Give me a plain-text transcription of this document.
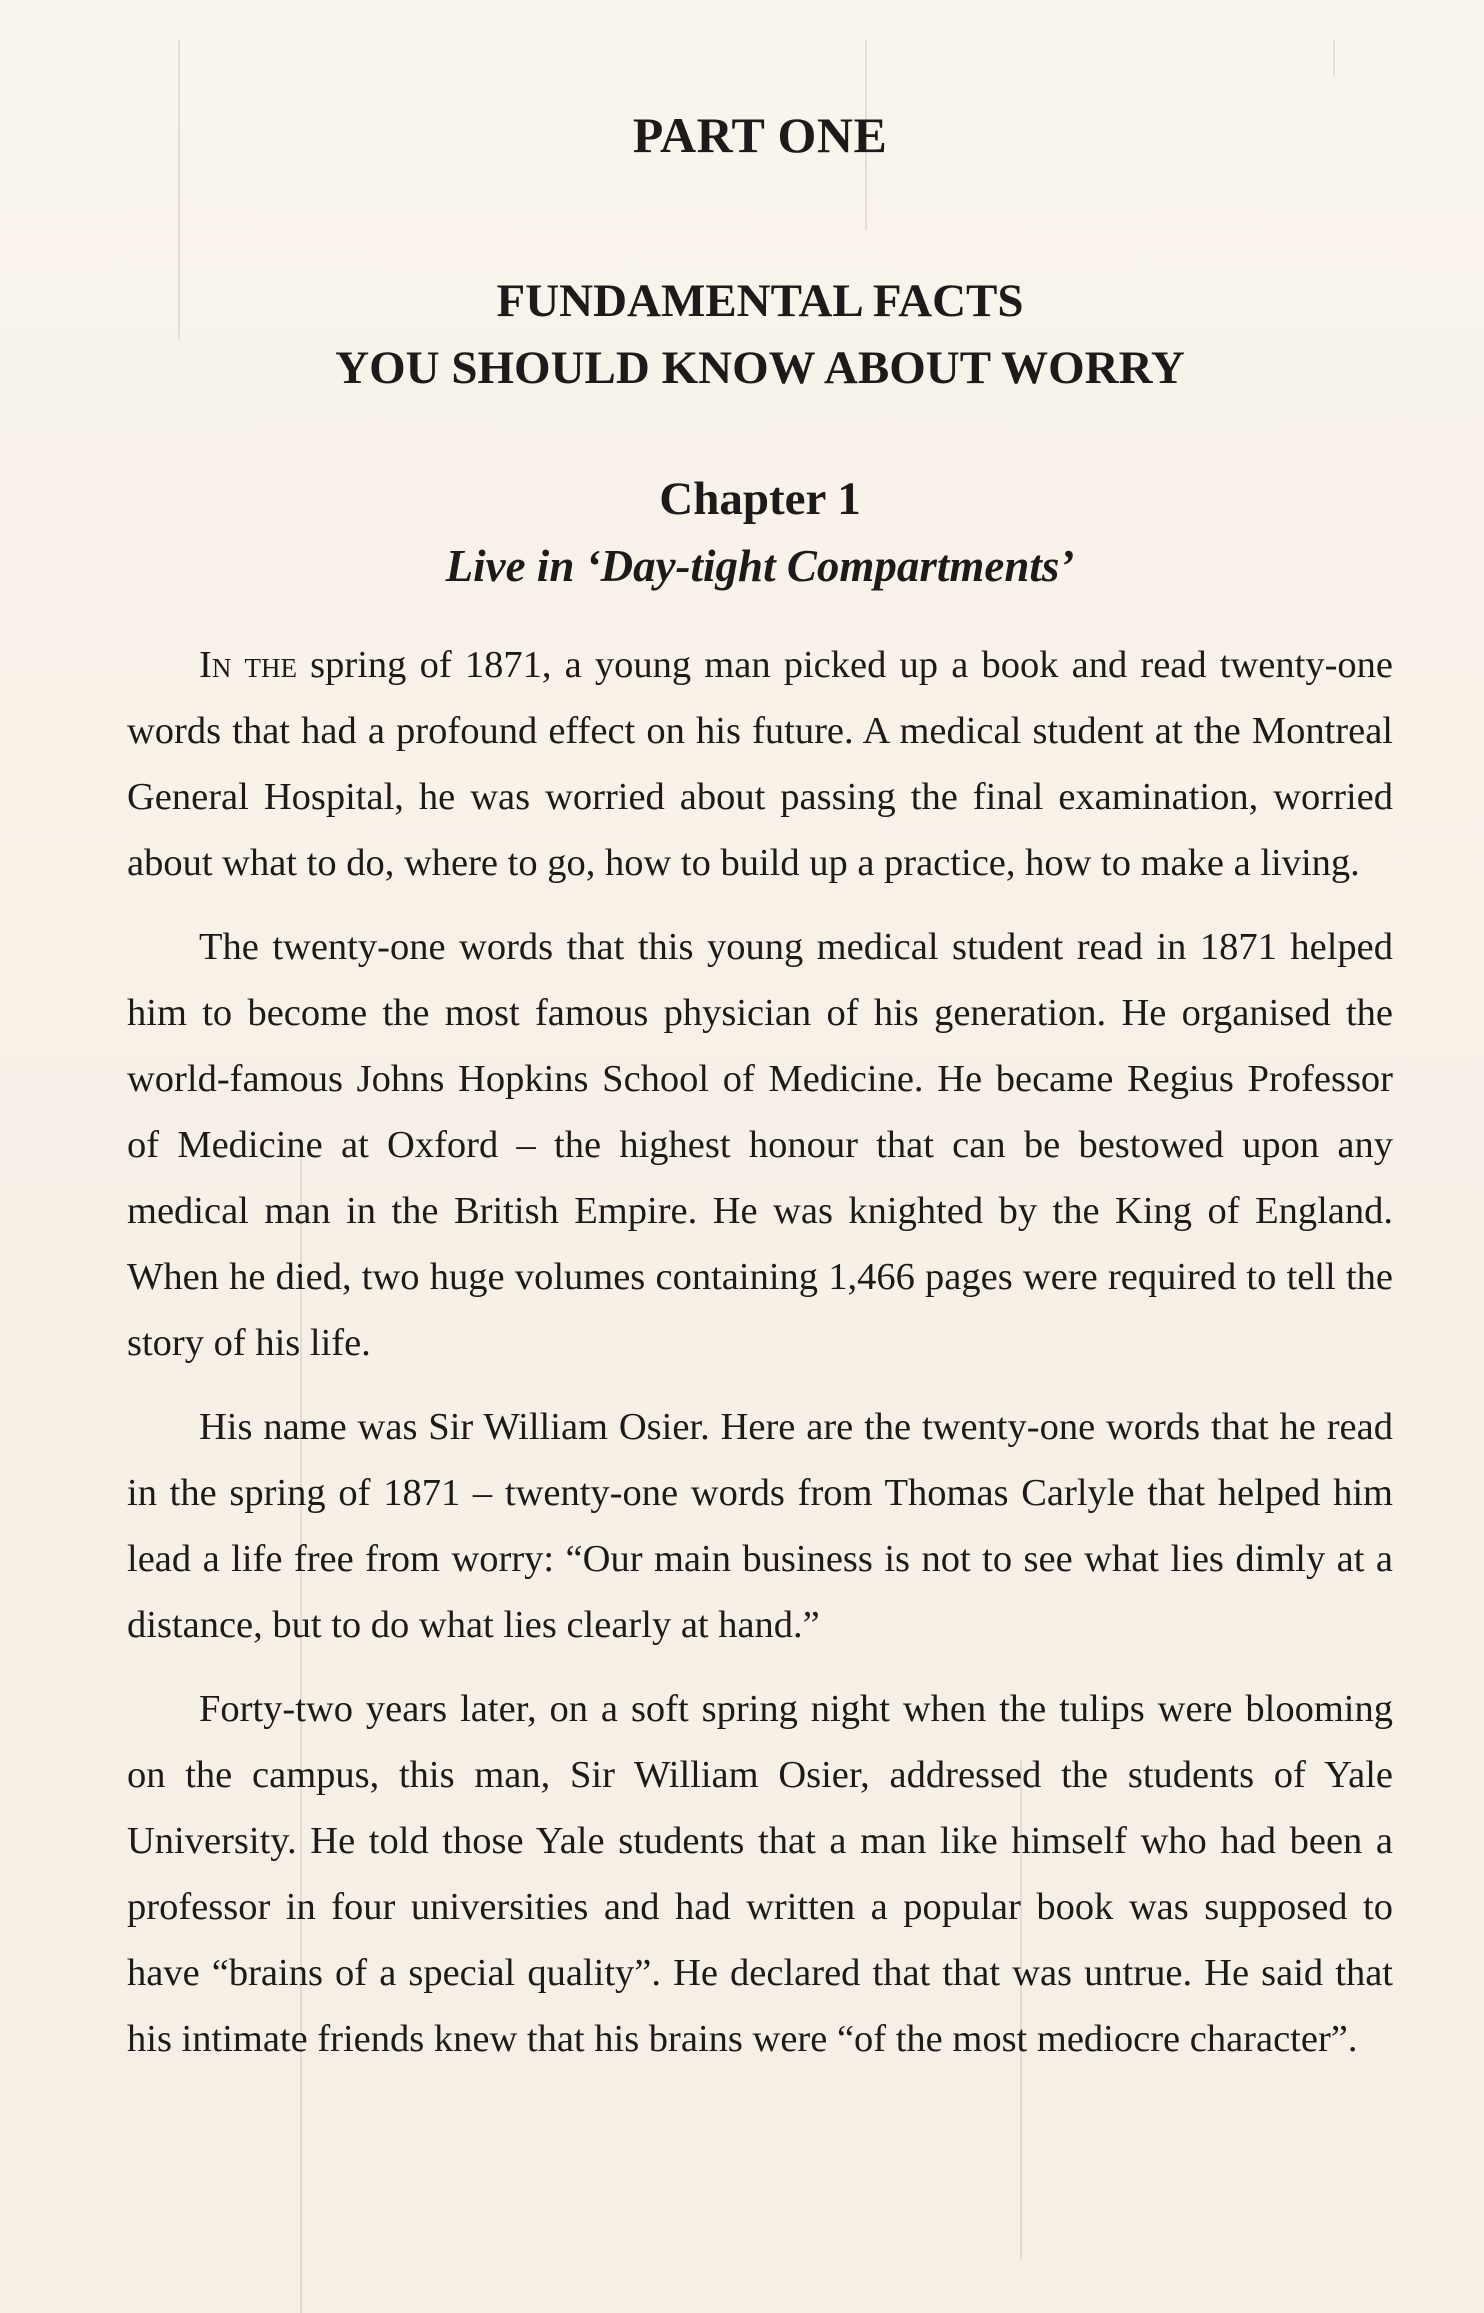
PART ONE
FUNDAMENTAL FACTS
YOU SHOULD KNOW ABOUT WORRY
Chapter 1
Live in ‘Day-tight Compartments’

In the spring of 1871, a young man picked up a book and read twenty-one words that had a profound effect on his future. A medical student at the Montreal General Hospital, he was worried about passing the final examination, worried about what to do, where to go, how to build up a practice, how to make a living.

The twenty-one words that this young medical student read in 1871 helped him to become the most famous physician of his generation. He organised the world-famous Johns Hopkins School of Medicine. He became Regius Professor of Medicine at Oxford – the highest honour that can be bestowed upon any medical man in the British Empire. He was knighted by the King of England. When he died, two huge volumes containing 1,466 pages were required to tell the story of his life.

His name was Sir William Osier. Here are the twenty-one words that he read in the spring of 1871 – twenty-one words from Thomas Carlyle that helped him lead a life free from worry: “Our main business is not to see what lies dimly at a distance, but to do what lies clearly at hand.”

Forty-two years later, on a soft spring night when the tulips were blooming on the campus, this man, Sir William Osier, addressed the students of Yale University. He told those Yale students that a man like himself who had been a professor in four universities and had written a popular book was supposed to have “brains of a special quality”. He declared that that was untrue. He said that his intimate friends knew that his brains were “of the most mediocre character”.
